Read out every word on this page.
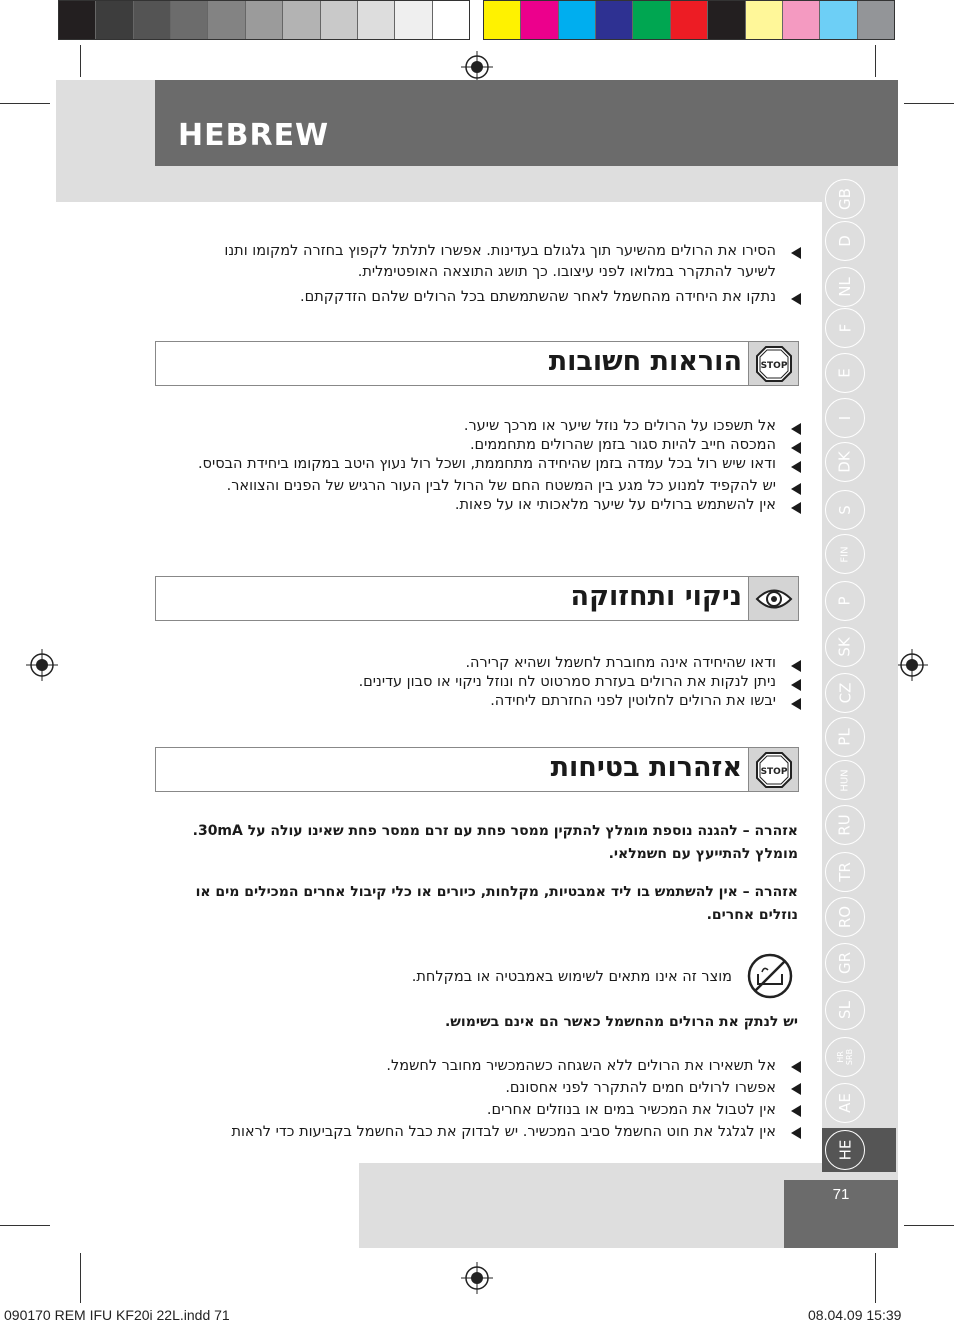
HEBREW
GB
D
NL
F
E
I
DK
S
FIN
P
SK
CZ
PL
HUN
RU
TR
RO
GR
SL
HR
SRB
AE
HE
71
הסירו את הרולים מהשיער תוך גלגולם בעדינות. אפשרו לתלתל לקפוץ בחזרה למקומו ותנו לשיער להתקרר במלואו לפני עיצובו. כך תושג התוצאה האופטימלית.
נתקו את היחידה מהחשמל לאחר שהשתמשתם בכל הרולים שלהם הזדקקתם.
הוראות חשובות STOP
אל תשפכו על הרולים כל נוזל שיער או מרכך שיער.
המכסה חייב להיות סגור בזמן שהרולים מתחממים.
ודאו שיש רול בכל עמדה בזמן שהיחידה מתחממת, ושכל רול נעוץ היטב במקומו ביחידת הבסיס.
יש להקפיד למנוע כל מגע בין המשטח החם של הרול לבין העור הרגיש של הפנים והצוואר.
אין להשתמש ברולים על שיער מלאכותי או על פאות.
ניקוי ותחזוקה
ודאו שהיחידה אינה מחוברת לחשמל ושהיא קרירה.
ניתן לנקות את הרולים בעזרת סמרטוט לח ונוזל ניקוי או סבון עדינים.
יבשו את הרולים לחלוטין לפני החזרתם ליחידה.
אזהרות בטיחות STOP
אזהרה – להגנה נוספת מומלץ להתקין ממסר פחת עם זרם ממסר פחת שאינו עולה על 30mA. מומלץ להתייעץ עם חשמלאי.
אזהרה – אין להשתמש בו ליד אמבטיות, מקלחות, כיורים או כלי קיבול אחרים המכילים מים או נוזלים אחרים.
מוצר זה אינו מתאים לשימוש באמבטיה או במקלחת.
יש לנתק את הרולים מהחשמל כאשר הם אינם בשימוש.
אל תשאירו את הרולים ללא השגחה כשהמכשיר מחובר לחשמל.
אפשרו לרולים חמים להתקרר לפני אחסונם.
אין לטבול את המכשיר במים או בנוזלים אחרים.
אין לגלגל את חוט החשמל סביב המכשיר. יש לבדוק את כבל החשמל בקביעות כדי לראות
090170 REM IFU KF20i 22L.indd 71	08.04.09 15:39
